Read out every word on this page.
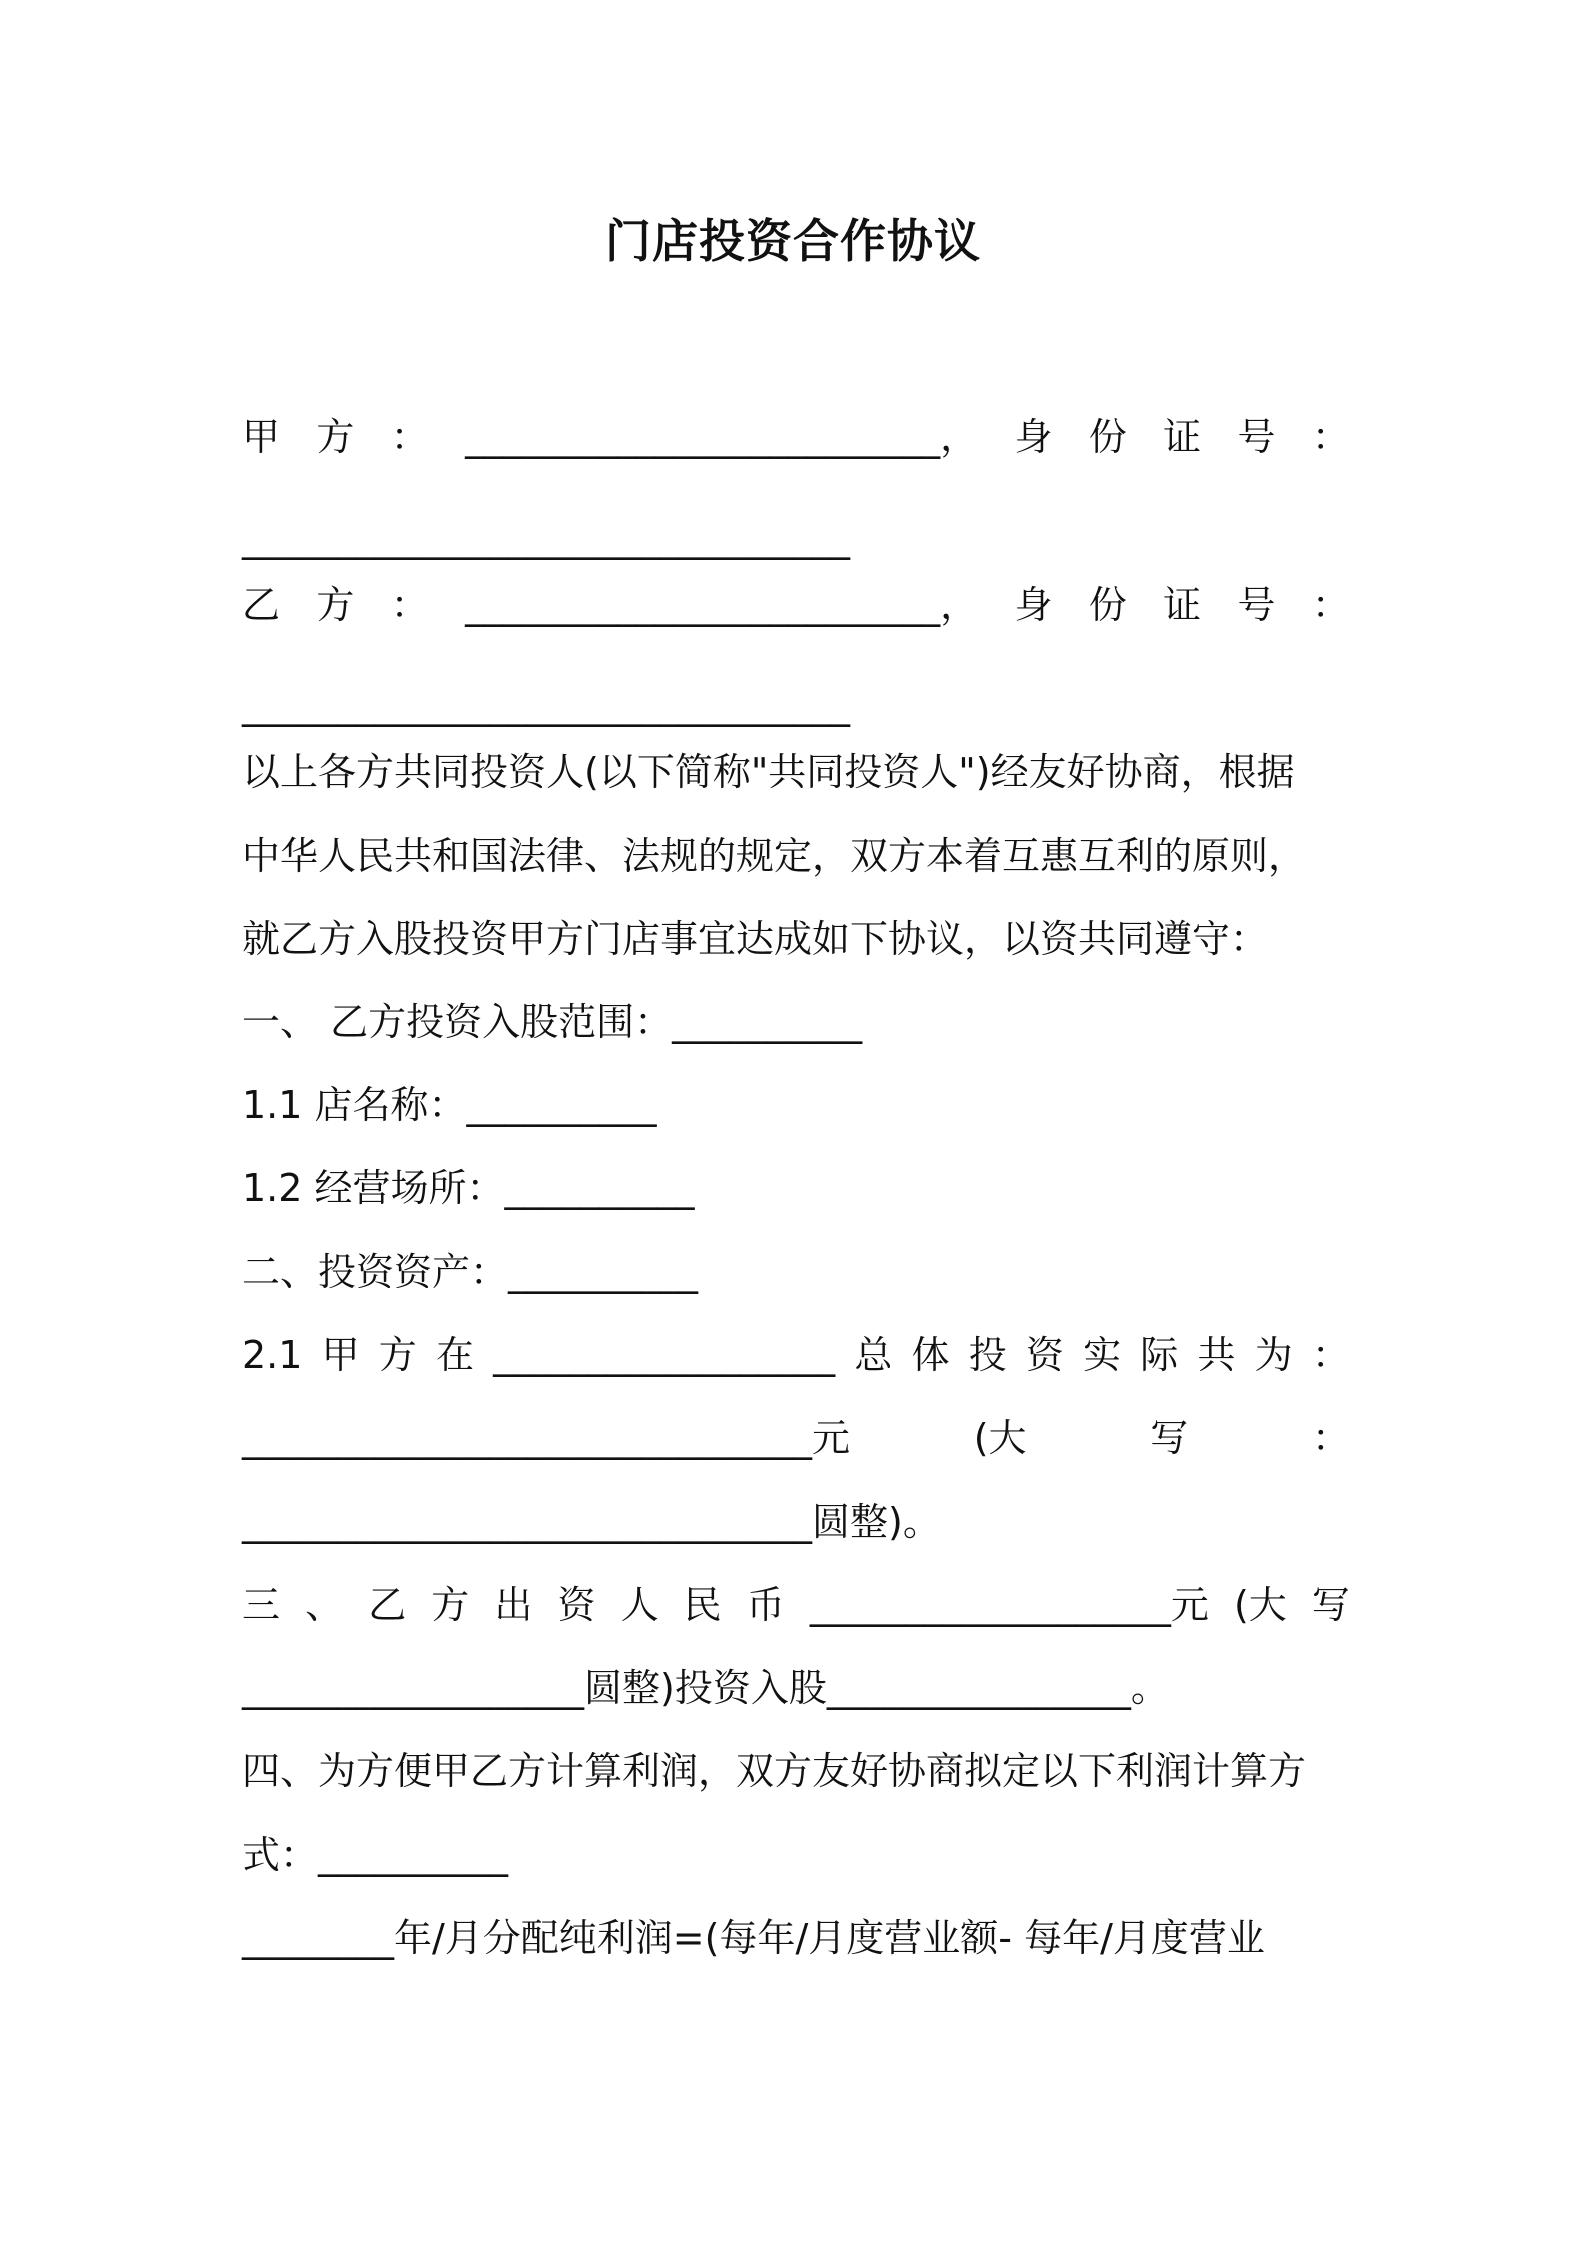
门店投资合作协议
甲 方 ： _________________________， 身 份 证 号 ：
________________________________
乙 方 ： _________________________， 身 份 证 号 ：
________________________________
以上各方共同投资人(以下简称"共同投资人")经友好协商，根据
中华人民共和国法律、法规的规定，双方本着互惠互利的原则，
就乙方入股投资甲方门店事宜达成如下协议，以资共同遵守：
一、 乙方投资入股范围：__________
1.1 店名称：__________
1.2 经营场所：__________
二、投资资产：__________
2.1 甲 方 在 __________________ 总 体 投 资 实 际 共 为 ：
______________________________元	(大	写	：
______________________________圆整)。
三 、 乙 方 出 资 人 民 币 ___________________元 (大 写
__________________圆整)投资入股________________。
四、为方便甲乙方计算利润，双方友好协商拟定以下利润计算方
式：__________
________年/月分配纯利润=(每年/月度营业额- 每年/月度营业
